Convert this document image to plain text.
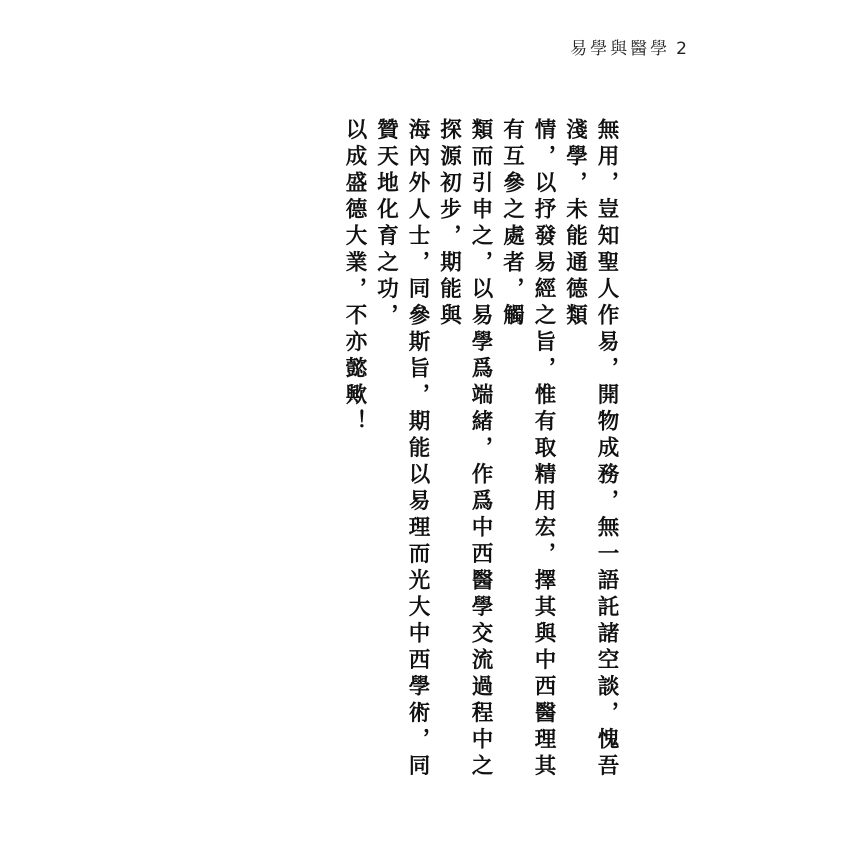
易學與醫學 2
無用，豈知聖人作易，開物成務，無一語託諸空談，愧吾淺學，未能通德類
情，以抒發易經之旨，惟有取精用宏，擇其與中西醫理其有互參之處者，觸
類而引申之，以易學爲端緒，作爲中西醫學交流過程中之探源初步，期能與
海內外人士，同參斯旨，期能以易理而光大中西學術，同贊天地化育之功，
以成盛德大業，不亦懿歟！
